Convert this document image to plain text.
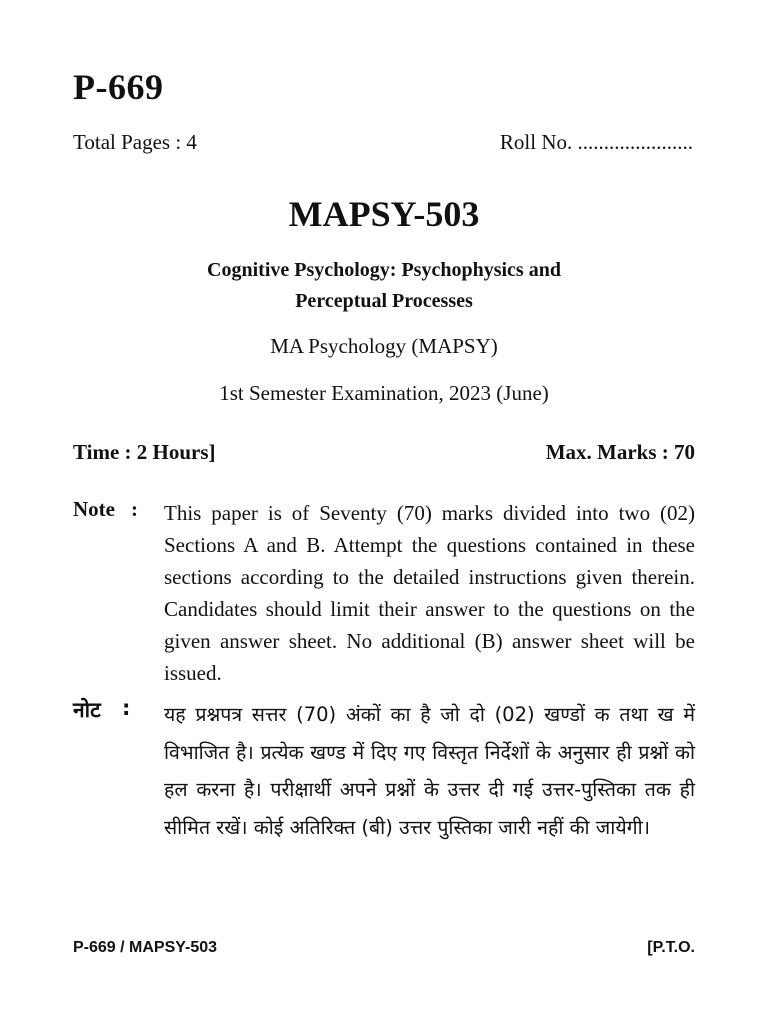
P-669
Total Pages : 4	Roll No. ......................
MAPSY-503
Cognitive Psychology: Psychophysics and
Perceptual Processes
MA Psychology (MAPSY)
1st Semester Examination, 2023 (June)
Time : 2 Hours]	Max. Marks : 70
Note : This paper is of Seventy (70) marks divided into two (02) Sections A and B. Attempt the questions contained in these sections according to the detailed instructions given therein. Candidates should limit their answer to the questions on the given answer sheet. No additional (B) answer sheet will be issued.
नोट : यह प्रश्नपत्र सत्तर (70) अंकों का है जो दो (02) खण्डों क तथा ख में विभाजित है। प्रत्येक खण्ड में दिए गए विस्तृत निर्देशों के अनुसार ही प्रश्नों को हल करना है। परीक्षार्थी अपने प्रश्नों के उत्तर दी गई उत्तर-पुस्तिका तक ही सीमित रखें। कोई अतिरिक्त (बी) उत्तर पुस्तिका जारी नहीं की जायेगी।
P-669 / MAPSY-503	[P.T.O.
